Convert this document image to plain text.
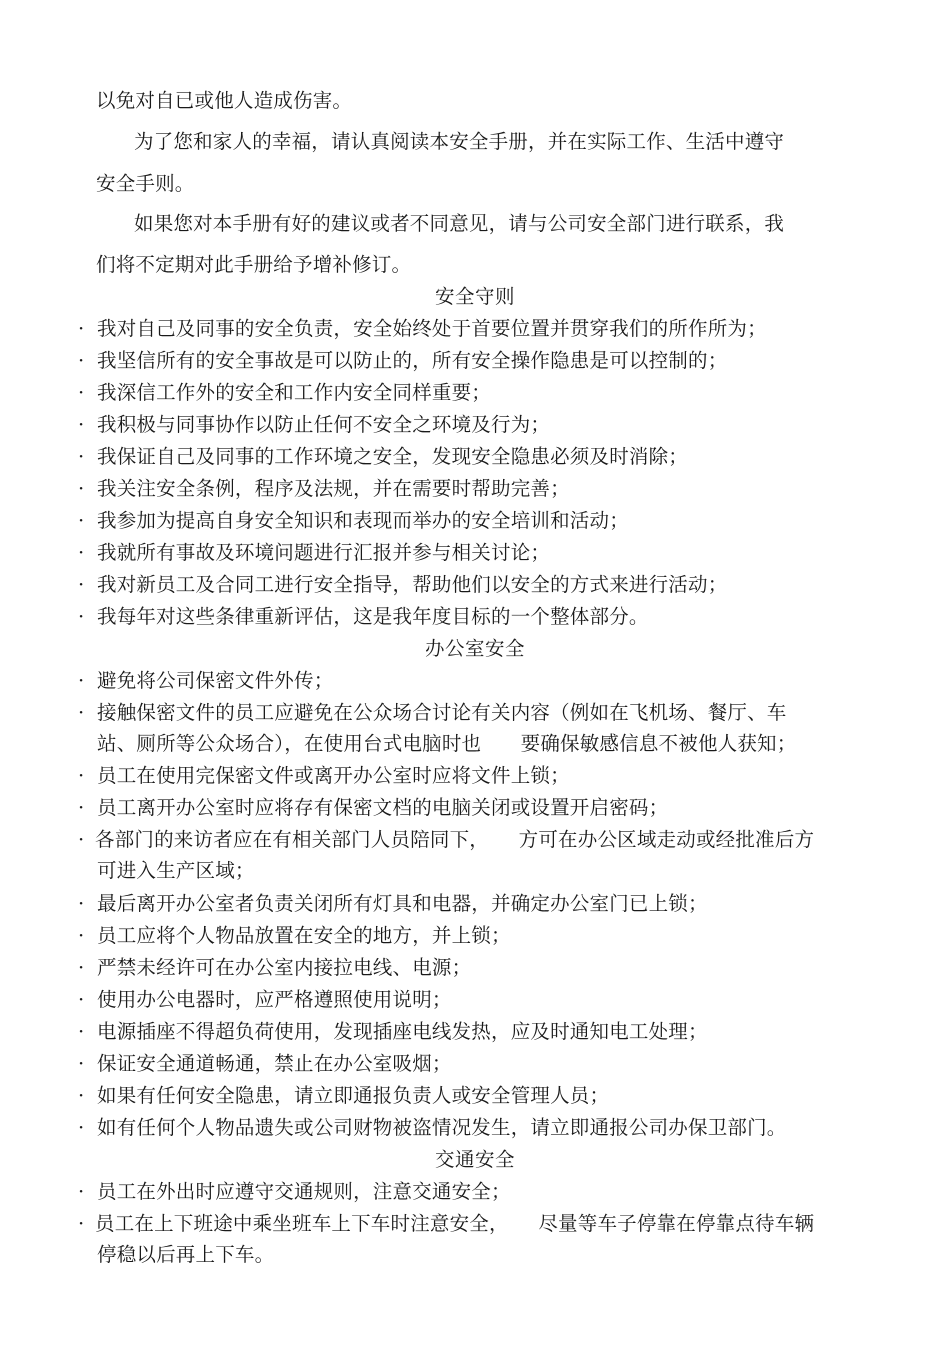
以免对自已或他人造成伤害。
为了您和家人的幸福，请认真阅读本安全手册，并在实际工作、生活中遵守
安全手则。
如果您对本手册有好的建议或者不同意见，请与公司安全部门进行联系，我
们将不定期对此手册给予增补修订。
安全守则
· 我对自己及同事的安全负责，安全始终处于首要位置并贯穿我们的所作所为；
· 我坚信所有的安全事故是可以防止的，所有安全操作隐患是可以控制的；
· 我深信工作外的安全和工作内安全同样重要；
· 我积极与同事协作以防止任何不安全之环境及行为；
· 我保证自己及同事的工作环境之安全，发现安全隐患必须及时消除；
· 我关注安全条例，程序及法规，并在需要时帮助完善；
· 我参加为提高自身安全知识和表现而举办的安全培训和活动；
· 我就所有事故及环境问题进行汇报并参与相关讨论；
· 我对新员工及合同工进行安全指导，帮助他们以安全的方式来进行活动；
· 我每年对这些条律重新评估，这是我年度目标的一个整体部分。
办公室安全
· 避免将公司保密文件外传；
· 接触保密文件的员工应避免在公众场合讨论有关内容（例如在飞机场、餐厅、车
站、厕所等公众场合），在使用台式电脑时也　　要确保敏感信息不被他人获知；
· 员工在使用完保密文件或离开办公室时应将文件上锁；
· 员工离开办公室时应将存有保密文档的电脑关闭或设置开启密码；
· 各部门的来访者应在有相关部门人员陪同下，　　方可在办公区域走动或经批准后方
可进入生产区域；
· 最后离开办公室者负责关闭所有灯具和电器，并确定办公室门已上锁；
· 员工应将个人物品放置在安全的地方，并上锁；
· 严禁未经许可在办公室内接拉电线、电源；
· 使用办公电器时，应严格遵照使用说明；
· 电源插座不得超负荷使用，发现插座电线发热，应及时通知电工处理；
· 保证安全通道畅通，禁止在办公室吸烟；
· 如果有任何安全隐患，请立即通报负责人或安全管理人员；
· 如有任何个人物品遗失或公司财物被盗情况发生，请立即通报公司办保卫部门。
交通安全
· 员工在外出时应遵守交通规则，注意交通安全；
· 员工在上下班途中乘坐班车上下车时注意安全，　　尽量等车子停靠在停靠点待车辆
停稳以后再上下车。
